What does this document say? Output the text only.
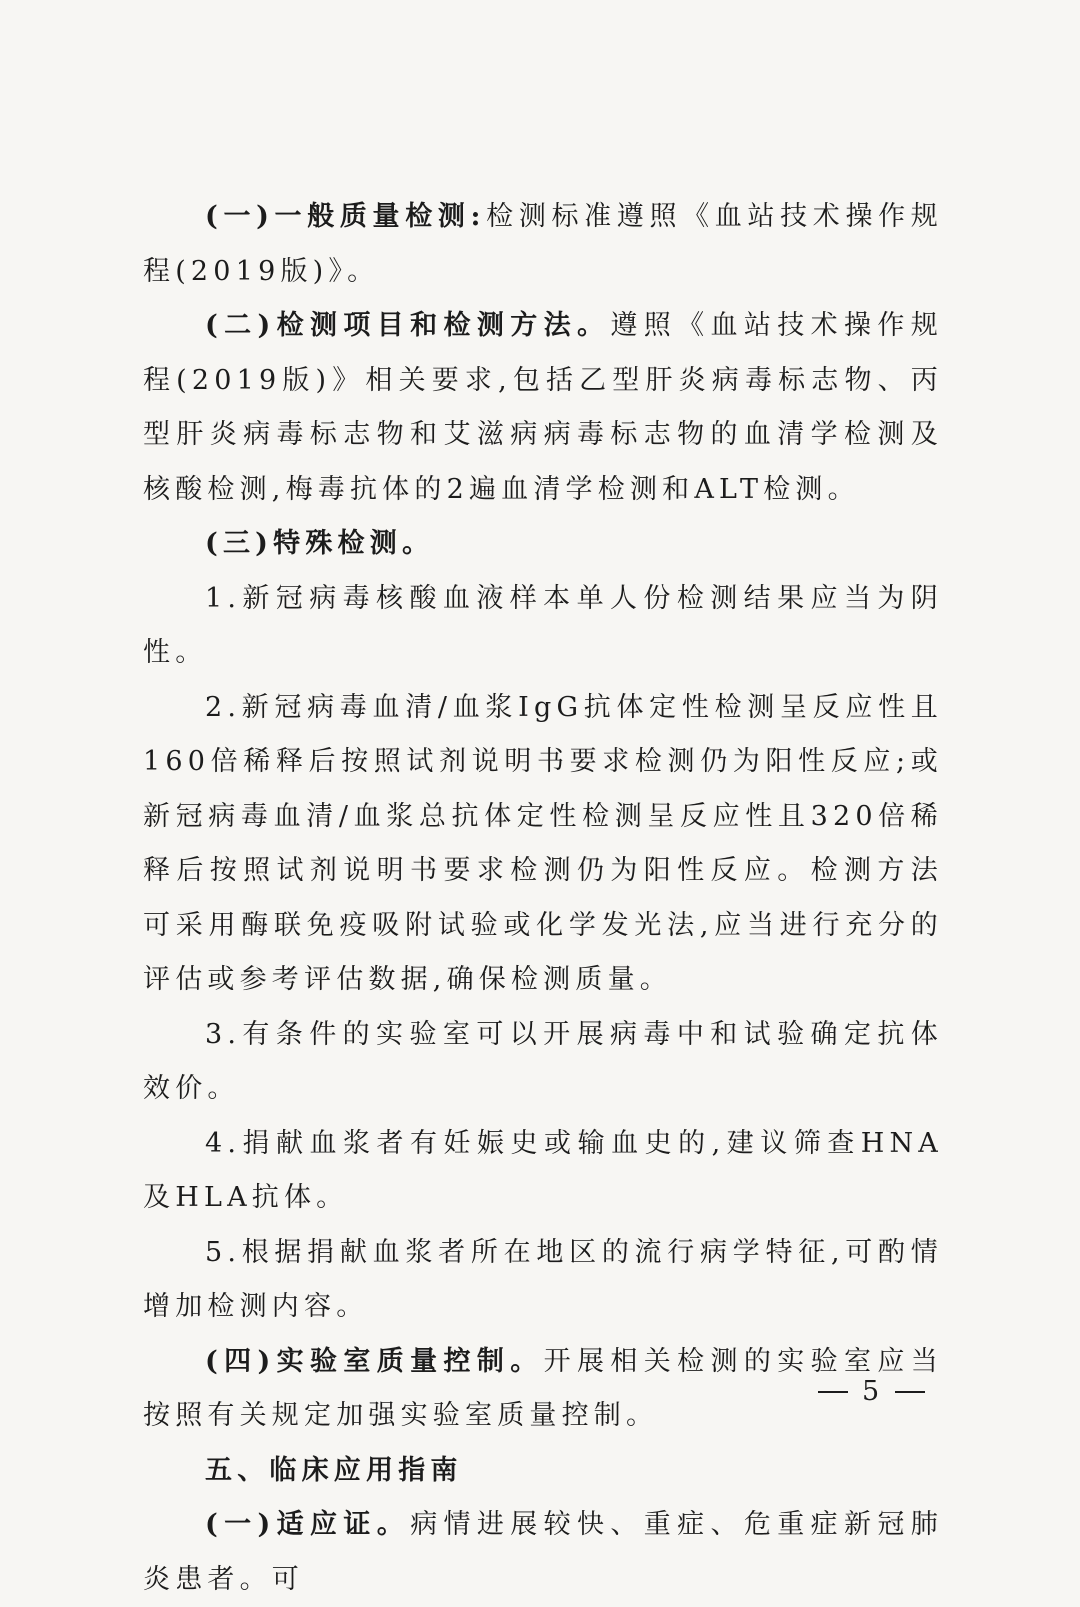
(一)一般质量检测:检测标准遵照《血站技术操作规程(2019版)》。

(二)检测项目和检测方法。遵照《血站技术操作规程(2019版)》相关要求,包括乙型肝炎病毒标志物、丙型肝炎病毒标志物和艾滋病病毒标志物的血清学检测及核酸检测,梅毒抗体的2遍血清学检测和ALT检测。

(三)特殊检测。

1.新冠病毒核酸血液样本单人份检测结果应当为阴性。

2.新冠病毒血清/血浆IgG抗体定性检测呈反应性且160倍稀释后按照试剂说明书要求检测仍为阳性反应;或新冠病毒血清/血浆总抗体定性检测呈反应性且320倍稀释后按照试剂说明书要求检测仍为阳性反应。检测方法可采用酶联免疫吸附试验或化学发光法,应当进行充分的评估或参考评估数据,确保检测质量。

3.有条件的实验室可以开展病毒中和试验确定抗体效价。

4.捐献血浆者有妊娠史或输血史的,建议筛查HNA及HLA抗体。

5.根据捐献血浆者所在地区的流行病学特征,可酌情增加检测内容。

(四)实验室质量控制。开展相关检测的实验室应当按照有关规定加强实验室质量控制。

五、临床应用指南

(一)适应证。病情进展较快、重症、危重症新冠肺炎患者。可

5
